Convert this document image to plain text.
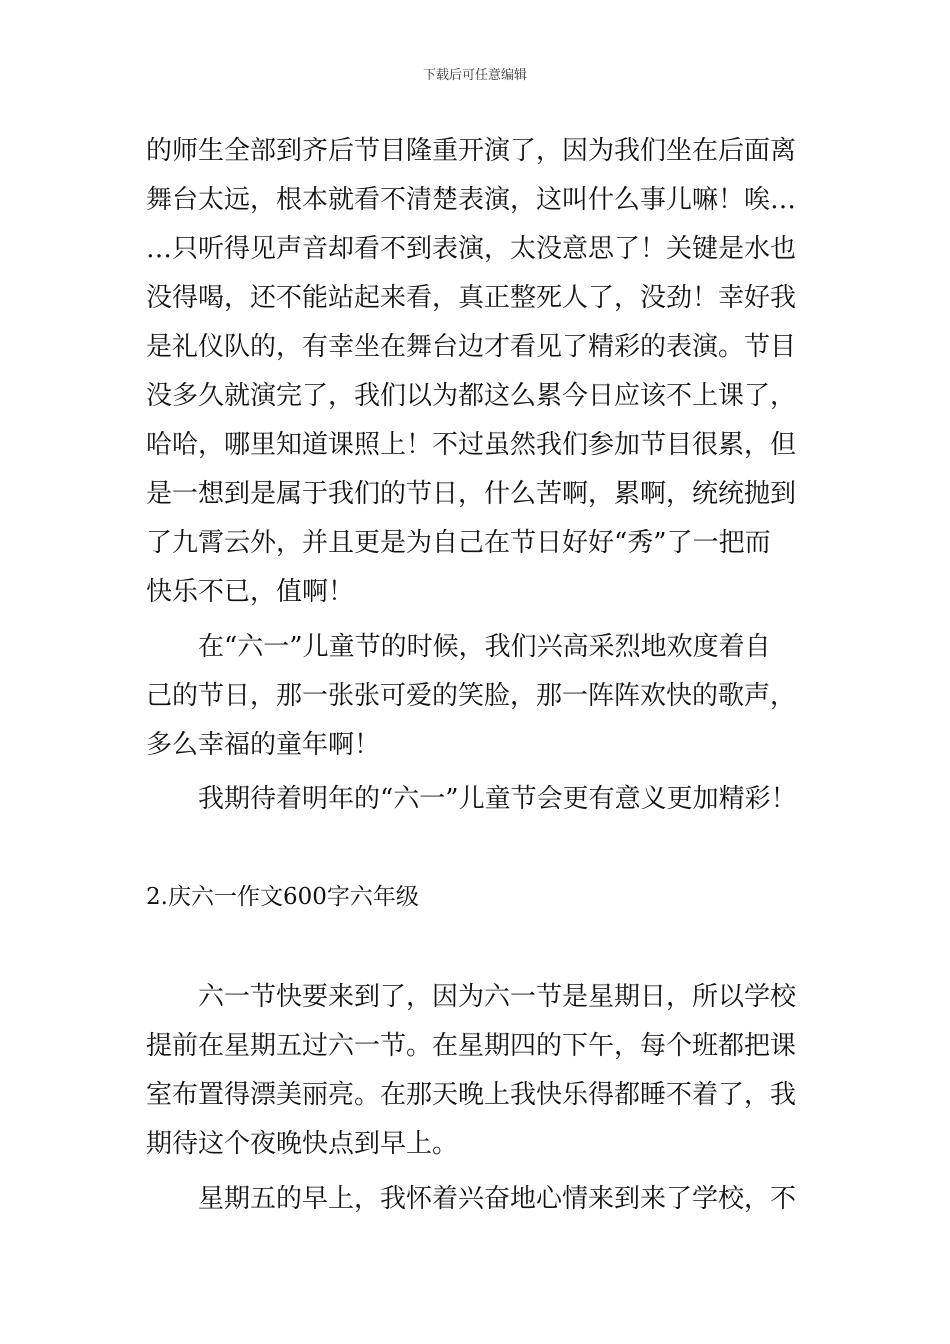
下载后可任意编辑
的师生全部到齐后节目隆重开演了，因为我们坐在后面离
舞台太远，根本就看不清楚表演，这叫什么事儿嘛！唉…
…只听得见声音却看不到表演，太没意思了！关键是水也
没得喝，还不能站起来看，真正整死人了，没劲！幸好我
是礼仪队的，有幸坐在舞台边才看见了精彩的表演。节目
没多久就演完了，我们以为都这么累今日应该不上课了，
哈哈，哪里知道课照上！不过虽然我们参加节目很累，但
是一想到是属于我们的节日，什么苦啊，累啊，统统抛到
了九霄云外，并且更是为自己在节日好好“秀”了一把而
快乐不已，值啊！
在“六一”儿童节的时候，我们兴高采烈地欢度着自
己的节日，那一张张可爱的笑脸，那一阵阵欢快的歌声，
多么幸福的童年啊！
我期待着明年的“六一”儿童节会更有意义更加精彩！
2.庆六一作文600字六年级
六一节快要来到了，因为六一节是星期日，所以学校
提前在星期五过六一节。在星期四的下午，每个班都把课
室布置得漂美丽亮。在那天晚上我快乐得都睡不着了，我
期待这个夜晚快点到早上。
星期五的早上，我怀着兴奋地心情来到来了学校，不
